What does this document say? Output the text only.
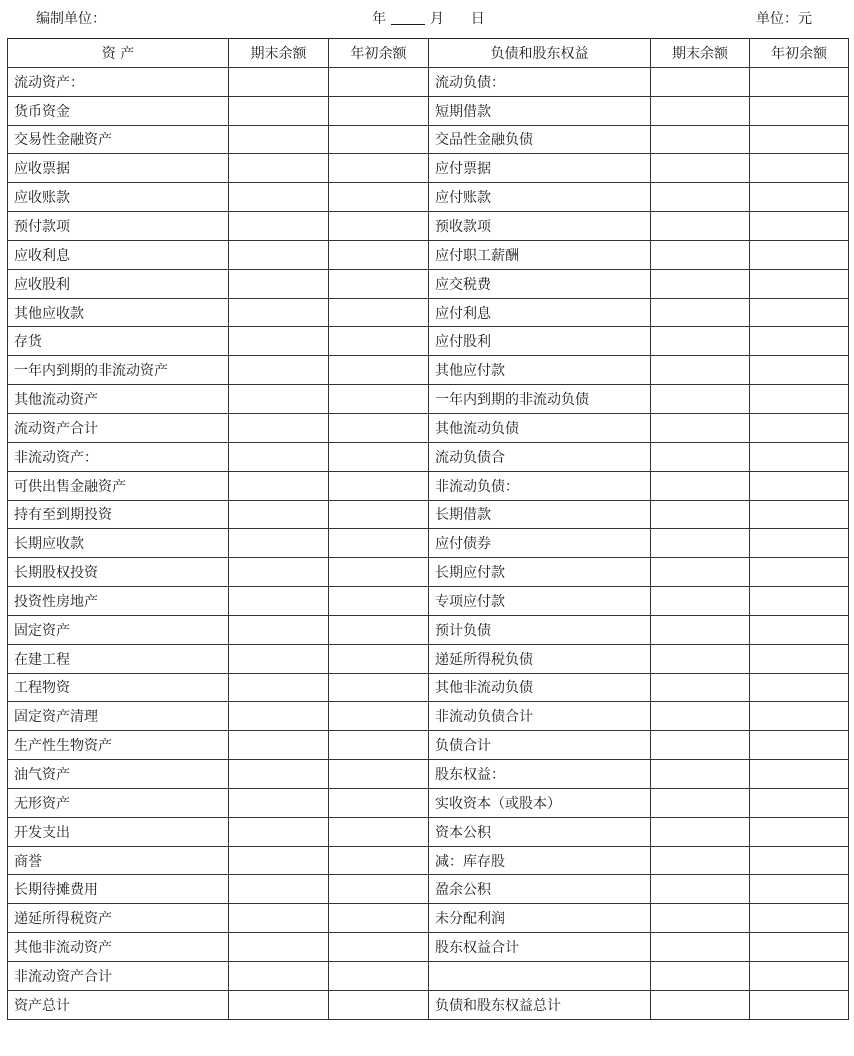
编制单位：	年	月 日	单位：元
资 产	期末余额	年初余额	负债和股东权益	期末余额	年初余额
流动资产：			流动负债：		
货币资金			短期借款		
交易性金融资产			交品性金融负债		
应收票据			应付票据		
应收账款			应付账款		
预付款项			预收款项		
应收利息			应付职工薪酬		
应收股利			应交税费		
其他应收款			应付利息		
存货			应付股利		
一年内到期的非流动资产			其他应付款		
其他流动资产			一年内到期的非流动负债		
流动资产合计			其他流动负债		
非流动资产：			流动负债合		
可供出售金融资产			非流动负债：		
持有至到期投资			长期借款		
长期应收款			应付债券		
长期股权投资			长期应付款		
投资性房地产			专项应付款		
固定资产			预计负债		
在建工程			递延所得税负债		
工程物资			其他非流动负债		
固定资产清理			非流动负债合计		
生产性生物资产			负债合计		
油气资产			股东权益：		
无形资产			实收资本（或股本）		
开发支出			资本公积		
商誉			减：库存股		
长期待摊费用			盈余公积		
递延所得税资产			未分配利润		
其他非流动资产			股东权益合计		
非流动资产合计					
资产总计			负债和股东权益总计		
